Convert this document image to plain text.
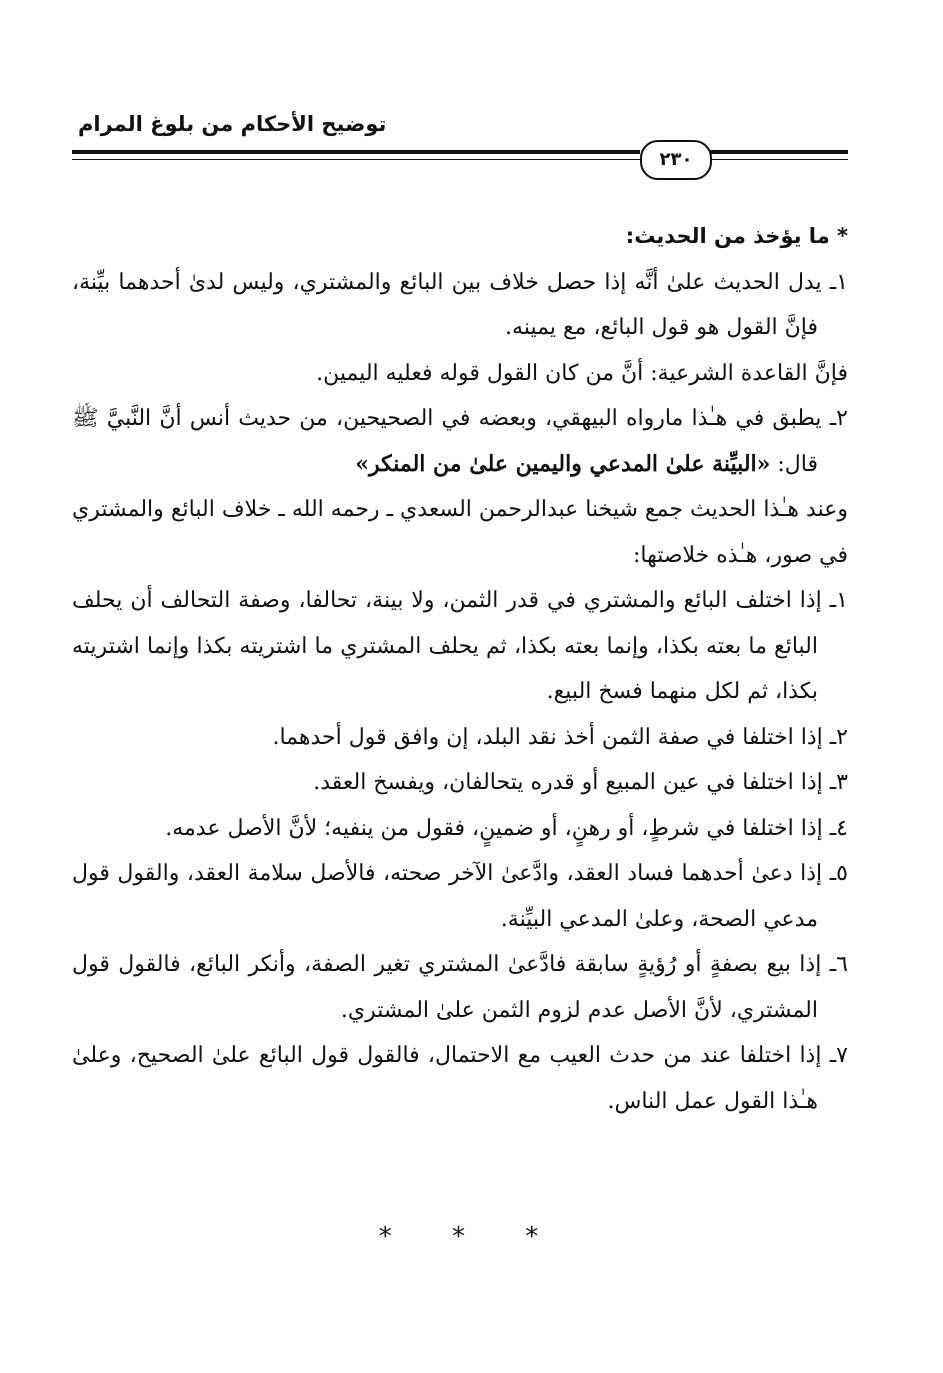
توضيح الأحكام من بلوغ المرام
٢٣٠

* ما يؤخذ من الحديث:

١ـ يدل الحديث علىٰ أنَّه إذا حصل خلاف بين البائع والمشتري، وليس لدىٰ أحدهما بيِّنة، فإنَّ القول هو قول البائع، مع يمينه.

فإنَّ القاعدة الشرعية: أنَّ من كان القول قوله فعليه اليمين.

٢ـ يطبق في هـٰذا مارواه البيهقي، وبعضه في الصحيحين، من حديث أنس أنَّ النَّبيَّ ﷺ قال: «البيِّنة علىٰ المدعي واليمين علىٰ من المنكر»

وعند هـٰذا الحديث جمع شيخنا عبدالرحمن السعدي ـ رحمه الله ـ خلاف البائع والمشتري في صور، هـٰذه خلاصتها:

١ـ إذا اختلف البائع والمشتري في قدر الثمن، ولا بينة، تحالفا، وصفة التحالف أن يحلف البائع ما بعته بكذا، وإنما بعته بكذا، ثم يحلف المشتري ما اشتريته بكذا وإنما اشتريته بكذا، ثم لكل منهما فسخ البيع.

٢ـ إذا اختلفا في صفة الثمن أخذ نقد البلد، إن وافق قول أحدهما.

٣ـ إذا اختلفا في عين المبيع أو قدره يتحالفان، ويفسخ العقد.

٤ـ إذا اختلفا في شرطٍ، أو رهنٍ، أو ضمينٍ، فقول من ينفيه؛ لأنَّ الأصل عدمه.

٥ـ إذا دعىٰ أحدهما فساد العقد، وادَّعىٰ الآخر صحته، فالأصل سلامة العقد، والقول قول مدعي الصحة، وعلىٰ المدعي البيِّنة.

٦ـ إذا بيع بصفةٍ أو رُؤيةٍ سابقة فادَّعىٰ المشتري تغير الصفة، وأنكر البائع، فالقول قول المشتري، لأنَّ الأصل عدم لزوم الثمن علىٰ المشتري.

٧ـ إذا اختلفا عند من حدث العيب مع الاحتمال، فالقول قول البائع علىٰ الصحيح، وعلىٰ هـٰذا القول عمل الناس.

* * *
